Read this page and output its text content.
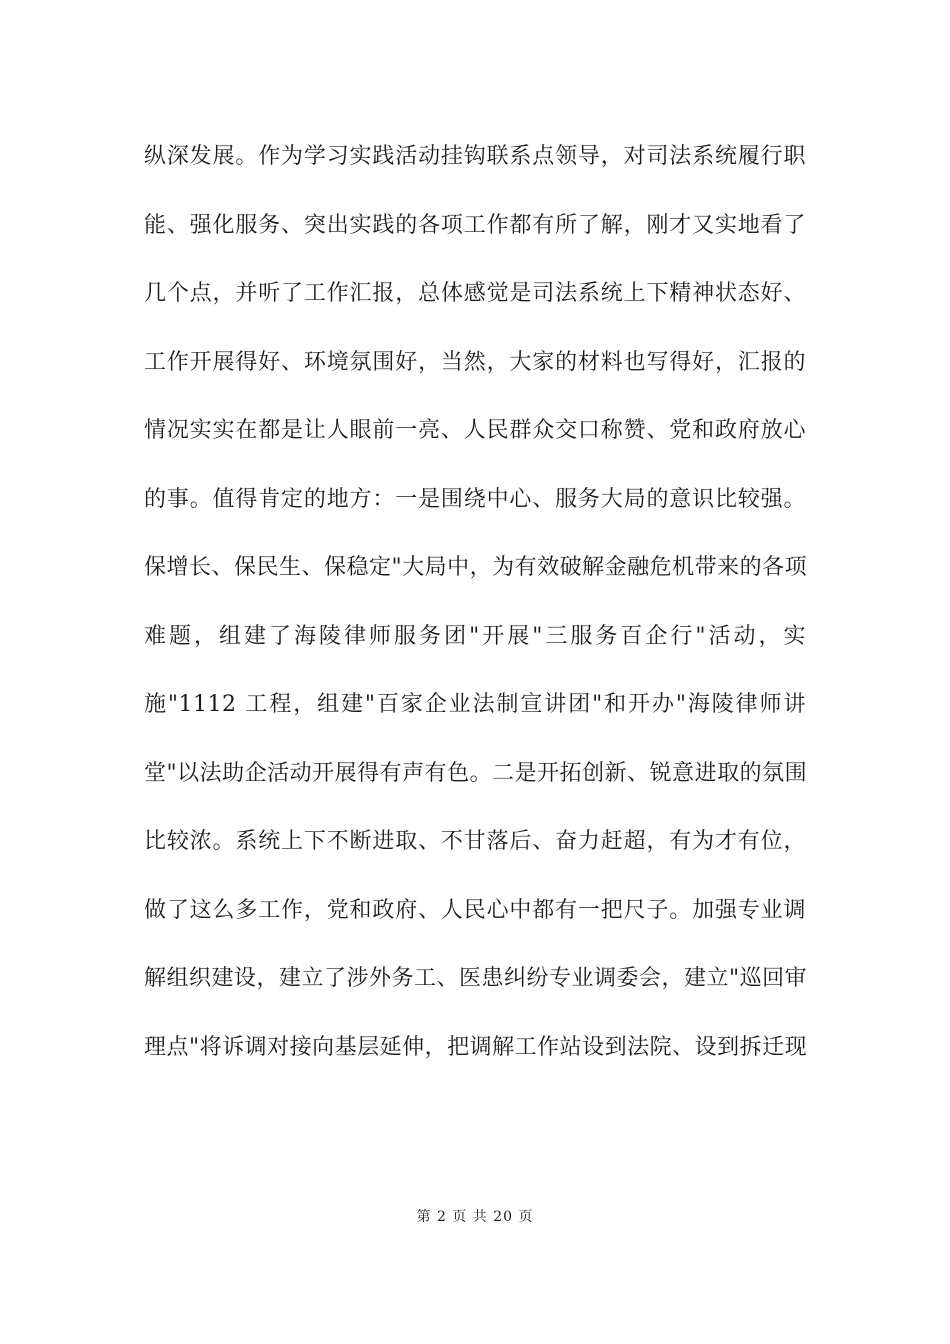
纵深发展。作为学习实践活动挂钩联系点领导，对司法系统履行职
能、强化服务、突出实践的各项工作都有所了解，刚才又实地看了
几个点，并听了工作汇报，总体感觉是司法系统上下精神状态好、
工作开展得好、环境氛围好，当然，大家的材料也写得好，汇报的
情况实实在都是让人眼前一亮、人民群众交口称赞、党和政府放心
的事。值得肯定的地方：一是围绕中心、服务大局的意识比较强。
保增长、保民生、保稳定"大局中，为有效破解金融危机带来的各项
难题，组建了海陵律师服务团"开展"三服务百企行"活动，实
施"1112 工程，组建"百家企业法制宣讲团"和开办"海陵律师讲
堂"以法助企活动开展得有声有色。二是开拓创新、锐意进取的氛围
比较浓。系统上下不断进取、不甘落后、奋力赶超，有为才有位，
做了这么多工作，党和政府、人民心中都有一把尺子。加强专业调
解组织建设，建立了涉外务工、医患纠纷专业调委会，建立"巡回审
理点"将诉调对接向基层延伸，把调解工作站设到法院、设到拆迁现
第 2 页 共 20 页
